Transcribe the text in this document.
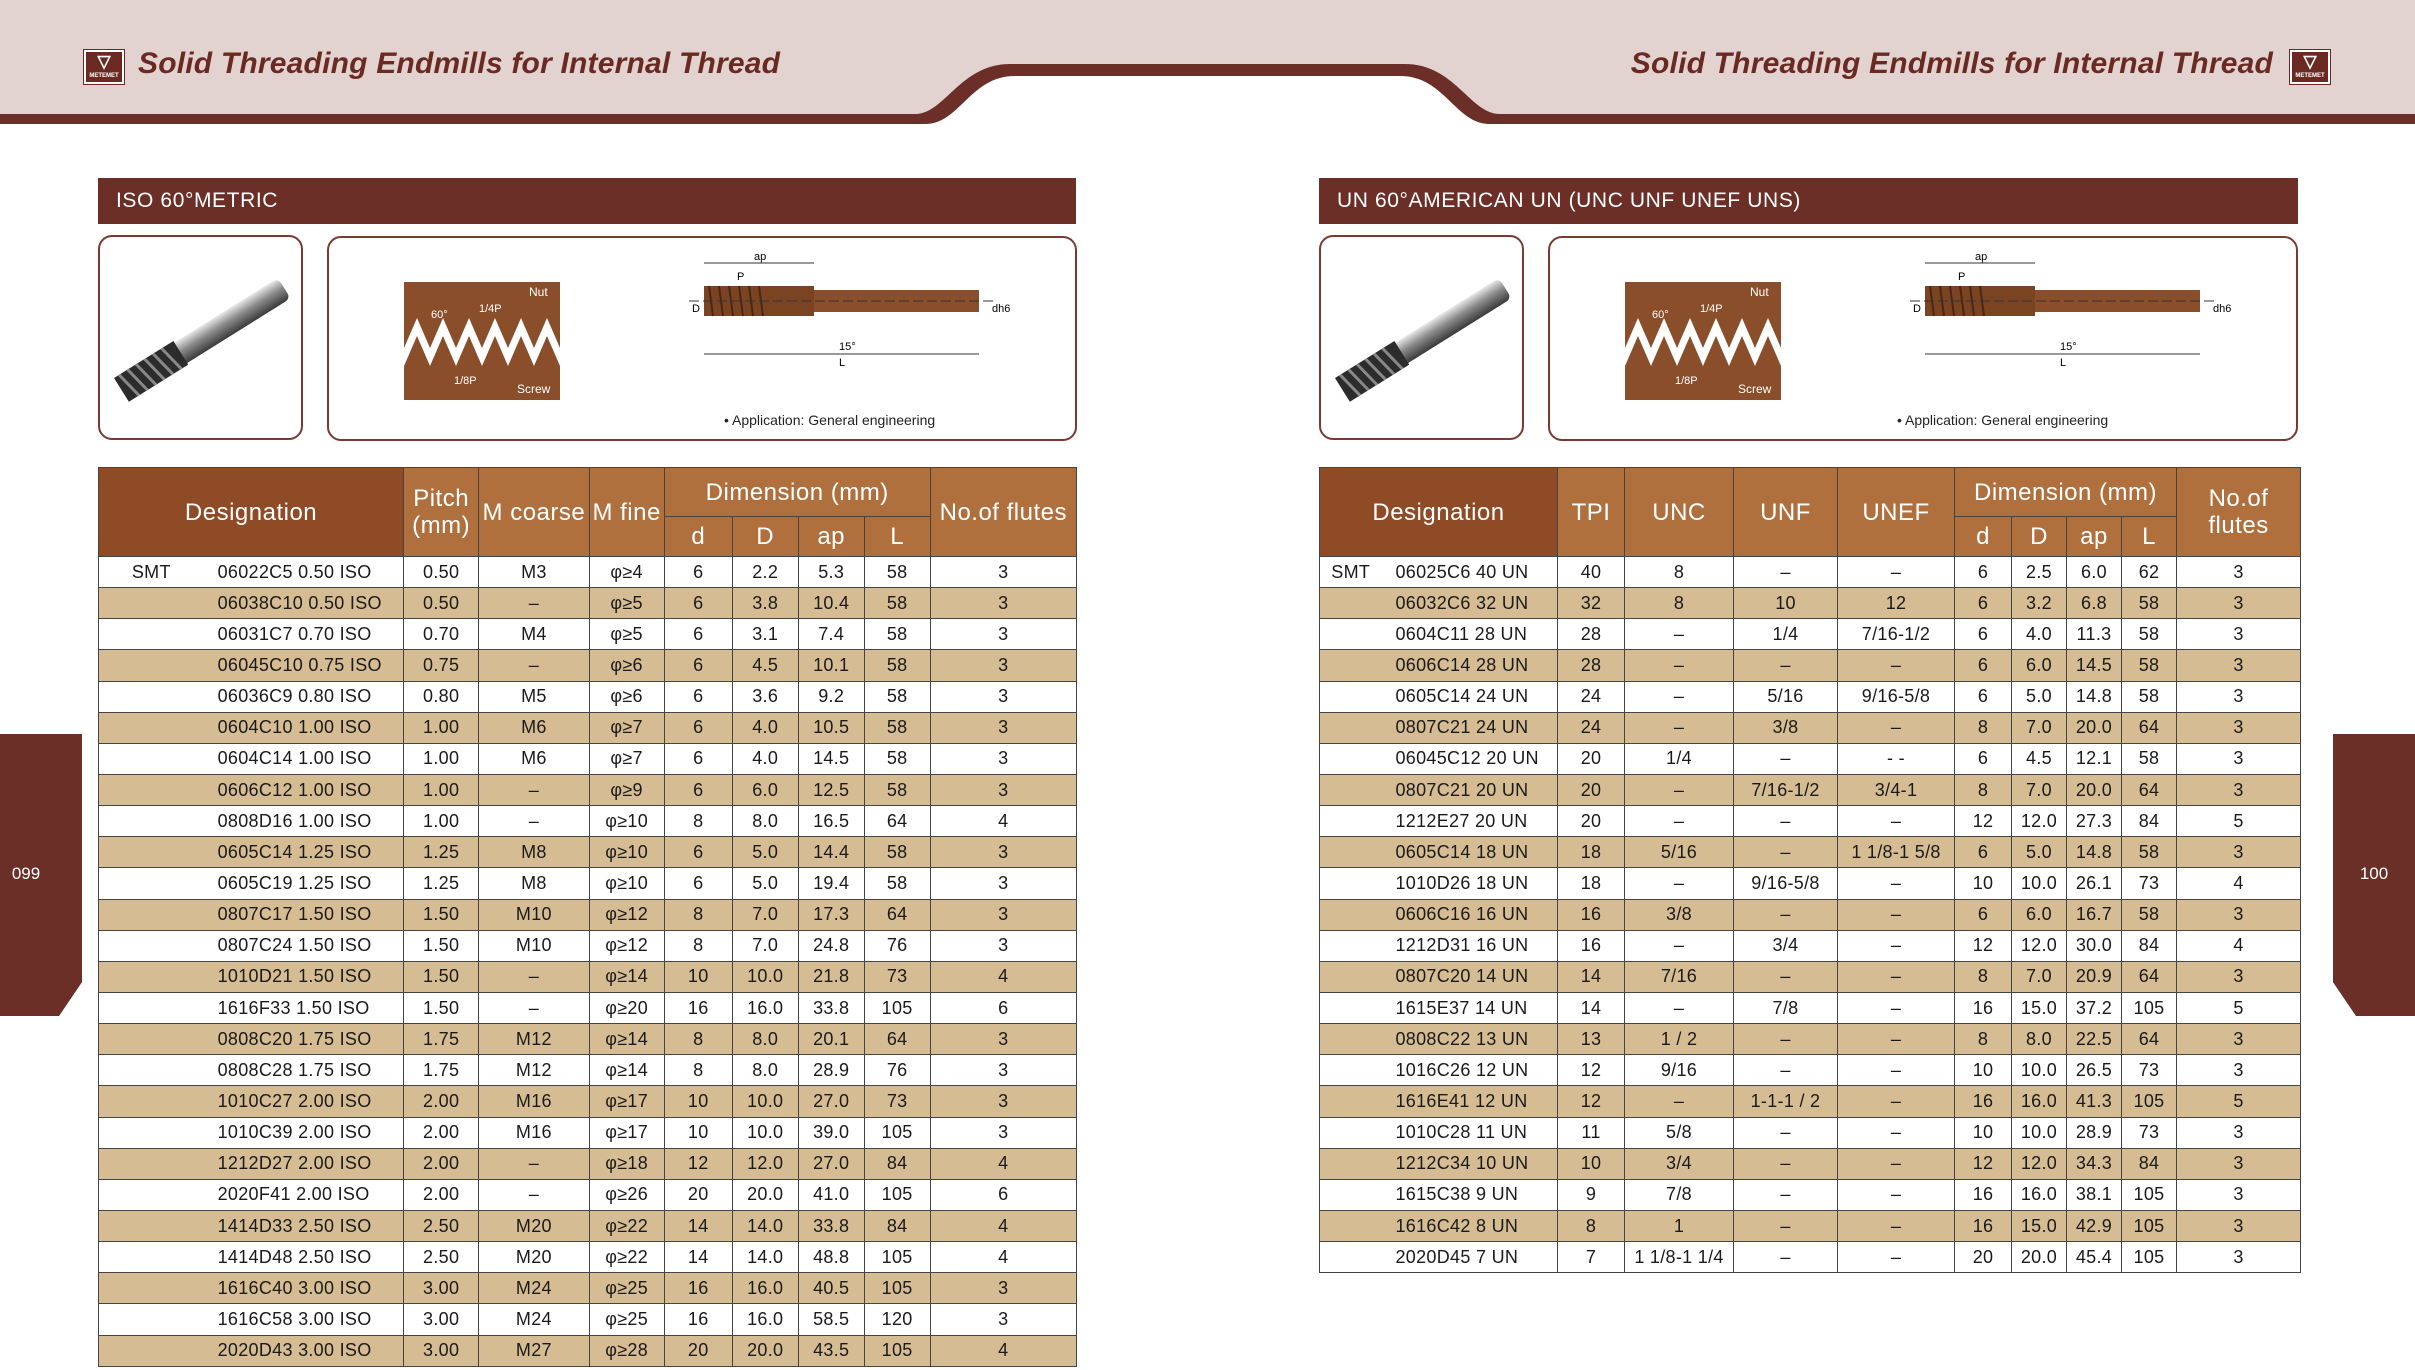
▽
METEMET Solid Threading Endmills for Internal Thread	Solid Threading Endmills for Internal Thread	▽
METEMET
099	100
ISO 60°METRIC
Nut
Screw
60°	1/4P
1/8P
ap
P
D	dh6
15°
L
• Application: General engineering
Designation		Pitch (mm)	M coarse	M fine	Dimension (mm)				No.of flutes
					d	D	ap	L	
SMT	06022C5 0.50 ISO	0.50	M3	φ≥4	6	2.2	5.3	58	3
	06038C10 0.50 ISO	0.50	–	φ≥5	6	3.8	10.4	58	3
	06031C7 0.70 ISO	0.70	M4	φ≥5	6	3.1	7.4	58	3
	06045C10 0.75 ISO	0.75	–	φ≥6	6	4.5	10.1	58	3
	06036C9 0.80 ISO	0.80	M5	φ≥6	6	3.6	9.2	58	3
	0604C10 1.00 ISO	1.00	M6	φ≥7	6	4.0	10.5	58	3
	0604C14 1.00 ISO	1.00	M6	φ≥7	6	4.0	14.5	58	3
	0606C12 1.00 ISO	1.00	–	φ≥9	6	6.0	12.5	58	3
	0808D16 1.00 ISO	1.00	–	φ≥10	8	8.0	16.5	64	4
	0605C14 1.25 ISO	1.25	M8	φ≥10	6	5.0	14.4	58	3
	0605C19 1.25 ISO	1.25	M8	φ≥10	6	5.0	19.4	58	3
	0807C17 1.50 ISO	1.50	M10	φ≥12	8	7.0	17.3	64	3
	0807C24 1.50 ISO	1.50	M10	φ≥12	8	7.0	24.8	76	3
	1010D21 1.50 ISO	1.50	–	φ≥14	10	10.0	21.8	73	4
	1616F33 1.50 ISO	1.50	–	φ≥20	16	16.0	33.8	105	6
	0808C20 1.75 ISO	1.75	M12	φ≥14	8	8.0	20.1	64	3
	0808C28 1.75 ISO	1.75	M12	φ≥14	8	8.0	28.9	76	3
	1010C27 2.00 ISO	2.00	M16	φ≥17	10	10.0	27.0	73	3
	1010C39 2.00 ISO	2.00	M16	φ≥17	10	10.0	39.0	105	3
	1212D27 2.00 ISO	2.00	–	φ≥18	12	12.0	27.0	84	4
	2020F41 2.00 ISO	2.00	–	φ≥26	20	20.0	41.0	105	6
	1414D33 2.50 ISO	2.50	M20	φ≥22	14	14.0	33.8	84	4
	1414D48 2.50 ISO	2.50	M20	φ≥22	14	14.0	48.8	105	4
	1616C40 3.00 ISO	3.00	M24	φ≥25	16	16.0	40.5	105	3
	1616C58 3.00 ISO	3.00	M24	φ≥25	16	16.0	58.5	120	3
	2020D43 3.00 ISO	3.00	M27	φ≥28	20	20.0	43.5	105	4
UN 60°AMERICAN UN (UNC UNF UNEF UNS)
Nut
Screw
60°	1/4P
1/8P
ap
P
D	dh6
15°
L
• Application: General engineering
Designation		TPI	UNC	UNF	UNEF	Dimension (mm)				No.of flutes
						d	D	ap	L	
SMT	06025C6 40 UN	40	8	–	–	6	2.5	6.0	62	3
	06032C6 32 UN	32	8	10	12	6	3.2	6.8	58	3
	0604C11 28 UN	28	–	1/4	7/16-1/2	6	4.0	11.3	58	3
	0606C14 28 UN	28	–	–	–	6	6.0	14.5	58	3
	0605C14 24 UN	24	–	5/16	9/16-5/8	6	5.0	14.8	58	3
	0807C21 24 UN	24	–	3/8	–	8	7.0	20.0	64	3
	06045C12 20 UN	20	1/4	–	- -	6	4.5	12.1	58	3
	0807C21 20 UN	20	–	7/16-1/2	3/4-1	8	7.0	20.0	64	3
	1212E27 20 UN	20	–	–	–	12	12.0	27.3	84	5
	0605C14 18 UN	18	5/16	–	1 1/8-1 5/8	6	5.0	14.8	58	3
	1010D26 18 UN	18	–	9/16-5/8	–	10	10.0	26.1	73	4
	0606C16 16 UN	16	3/8	–	–	6	6.0	16.7	58	3
	1212D31 16 UN	16	–	3/4	–	12	12.0	30.0	84	4
	0807C20 14 UN	14	7/16	–	–	8	7.0	20.9	64	3
	1615E37 14 UN	14	–	7/8	–	16	15.0	37.2	105	5
	0808C22 13 UN	13	1 / 2	–	–	8	8.0	22.5	64	3
	1016C26 12 UN	12	9/16	–	–	10	10.0	26.5	73	3
	1616E41 12 UN	12	–	1-1-1 / 2	–	16	16.0	41.3	105	5
	1010C28 11 UN	11	5/8	–	–	10	10.0	28.9	73	3
	1212C34 10 UN	10	3/4	–	–	12	12.0	34.3	84	3
	1615C38 9 UN	9	7/8	–	–	16	16.0	38.1	105	3
	1616C42 8 UN	8	1	–	–	16	15.0	42.9	105	3
	2020D45 7 UN	7	1 1/8-1 1/4	–	–	20	20.0	45.4	105	3
